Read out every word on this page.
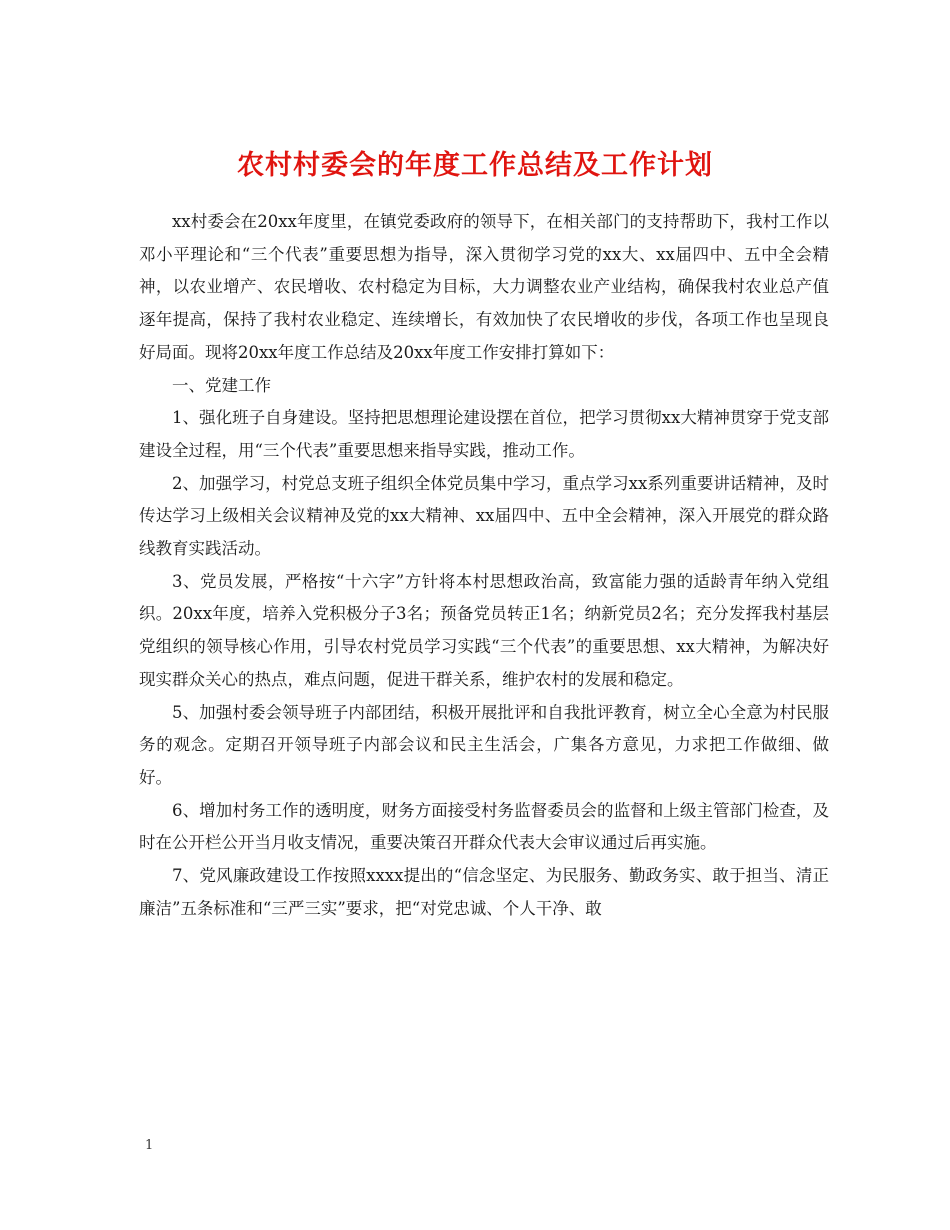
农村村委会的年度工作总结及工作计划

xx村委会在20xx年度里，在镇党委政府的领导下，在相关部门的支持帮助下，我村工作以邓小平理论和“三个代表”重要思想为指导，深入贯彻学习党的xx大、xx届四中、五中全会精神，以农业增产、农民增收、农村稳定为目标，大力调整农业产业结构，确保我村农业总产值逐年提高，保持了我村农业稳定、连续增长，有效加快了农民增收的步伐，各项工作也呈现良好局面。现将20xx年度工作总结及20xx年度工作安排打算如下：

一、党建工作

1、强化班子自身建设。坚持把思想理论建设摆在首位，把学习贯彻xx大精神贯穿于党支部建设全过程，用“三个代表”重要思想来指导实践，推动工作。

2、加强学习，村党总支班子组织全体党员集中学习，重点学习xx系列重要讲话精神，及时传达学习上级相关会议精神及党的xx大精神、xx届四中、五中全会精神，深入开展党的群众路线教育实践活动。

3、党员发展，严格按“十六字”方针将本村思想政治高，致富能力强的适龄青年纳入党组织。20xx年度，培养入党积极分子3名；预备党员转正1名；纳新党员2名；充分发挥我村基层党组织的领导核心作用，引导农村党员学习实践“三个代表”的重要思想、xx大精神，为解决好现实群众关心的热点，难点问题，促进干群关系，维护农村的发展和稳定。

5、加强村委会领导班子内部团结，积极开展批评和自我批评教育，树立全心全意为村民服务的观念。定期召开领导班子内部会议和民主生活会，广集各方意见，力求把工作做细、做好。

6、增加村务工作的透明度，财务方面接受村务监督委员会的监督和上级主管部门检查，及时在公开栏公开当月收支情况，重要决策召开群众代表大会审议通过后再实施。

7、党风廉政建设工作按照xxxx提出的“信念坚定、为民服务、勤政务实、敢于担当、清正廉洁”五条标准和“三严三实”要求，把“对党忠诚、个人干净、敢

1
